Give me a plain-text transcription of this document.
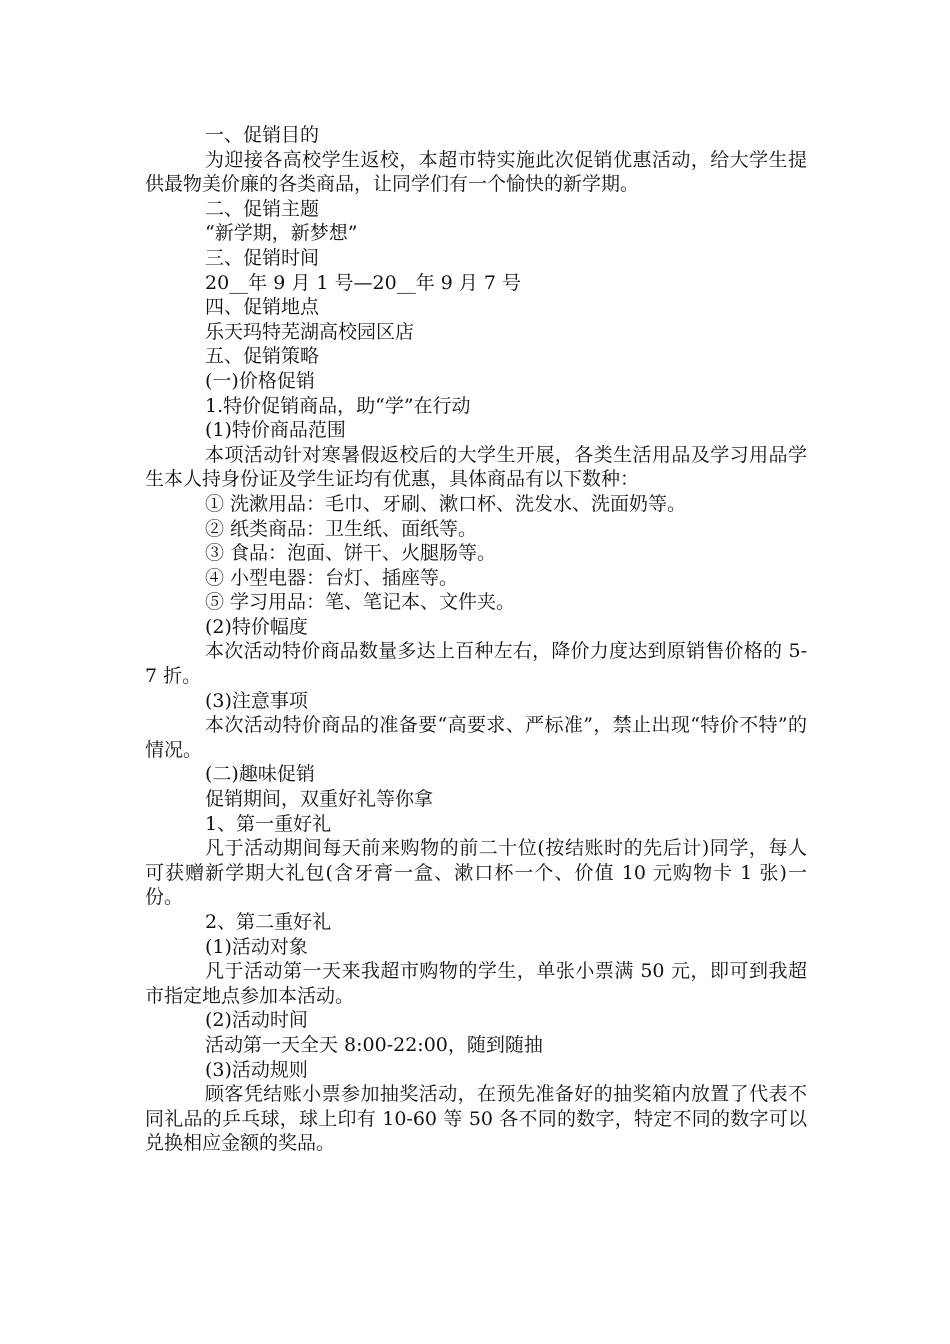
一、促销目的

为迎接各高校学生返校，本超市特实施此次促销优惠活动，给大学生提供最物美价廉的各类商品，让同学们有一个愉快的新学期。

二、促销主题

“新学期，新梦想”

三、促销时间

20__年 9 月 1 号—20__年 9 月 7 号

四、促销地点

乐天玛特芜湖高校园区店

五、促销策略

(一)价格促销

1.特价促销商品，助“学”在行动

(1)特价商品范围

本项活动针对寒暑假返校后的大学生开展，各类生活用品及学习用品学生本人持身份证及学生证均有优惠，具体商品有以下数种：

① 洗漱用品：毛巾、牙刷、漱口杯、洗发水、洗面奶等。

② 纸类商品：卫生纸、面纸等。

③ 食品：泡面、饼干、火腿肠等。

④ 小型电器：台灯、插座等。

⑤ 学习用品：笔、笔记本、文件夹。

(2)特价幅度

本次活动特价商品数量多达上百种左右，降价力度达到原销售价格的 5-7 折。

(3)注意事项

本次活动特价商品的准备要“高要求、严标准”，禁止出现“特价不特”的情况。

(二)趣味促销

促销期间，双重好礼等你拿

1、第一重好礼

凡于活动期间每天前来购物的前二十位(按结账时的先后计)同学，每人可获赠新学期大礼包(含牙膏一盒、漱口杯一个、价值 10 元购物卡 1 张)一份。

2、第二重好礼

(1)活动对象

凡于活动第一天来我超市购物的学生，单张小票满 50 元，即可到我超市指定地点参加本活动。

(2)活动时间

活动第一天全天 8:00-22:00，随到随抽

(3)活动规则

顾客凭结账小票参加抽奖活动，在预先准备好的抽奖箱内放置了代表不同礼品的乒乓球，球上印有 10-60 等 50 各不同的数字，特定不同的数字可以兑换相应金额的奖品。
